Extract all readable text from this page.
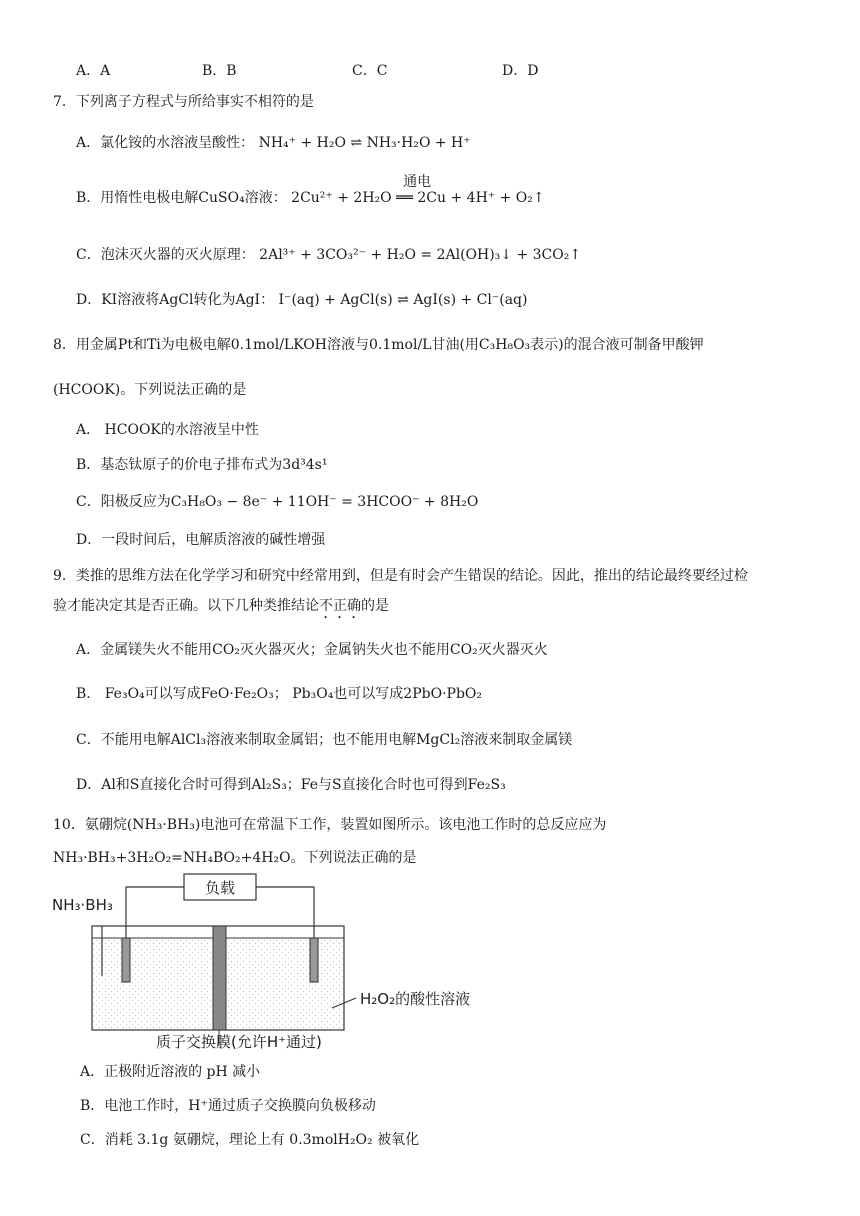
A．A	B．B	C．C	D．D
7．下列离子方程式与所给事实不相符的是
A．氯化铵的水溶液呈酸性： NH₄⁺ + H₂O ⇌ NH₃·H₂O + H⁺
B．用惰性电极电解CuSO₄溶液：
通电
2Cu²⁺ + 2H₂O ══ 2Cu + 4H⁺ + O₂↑
C．泡沫灭火器的灭火原理： 2Al³⁺ + 3CO₃²⁻ + H₂O = 2Al(OH)₃↓ + 3CO₂↑
D．KI溶液将AgCl转化为AgI： I⁻(aq) + AgCl(s) ⇌ AgI(s) + Cl⁻(aq)
8．用金属Pt和Ti为电极电解0.1mol/LKOH溶液与0.1mol/L甘油(用C₃H₈O₃表示)的混合液可制备甲酸钾
(HCOOK)。下列说法正确的是
A． HCOOK的水溶液呈中性
B．基态钛原子的价电子排布式为3d³4s¹
C．阳极反应为C₃H₈O₃ − 8e⁻ + 11OH⁻ = 3HCOO⁻ + 8H₂O
D．一段时间后，电解质溶液的碱性增强
9．类推的思维方法在化学学习和研究中经常用到，但是有时会产生错误的结论。因此，推出的结论最终要经过检
验才能决定其是否正确。以下几种类推结论不正确的是
A．金属镁失火不能用CO₂灭火器灭火；金属钠失火也不能用CO₂灭火器灭火
B． Fe₃O₄可以写成FeO·Fe₂O₃； Pb₃O₄也可以写成2PbO·PbO₂
C．不能用电解AlCl₃溶液来制取金属铝；也不能用电解MgCl₂溶液来制取金属镁
D．Al和S直接化合时可得到Al₂S₃；Fe与S直接化合时也可得到Fe₂S₃
10．氨硼烷(NH₃·BH₃)电池可在常温下工作，装置如图所示。该电池工作时的总反应应为
NH₃·BH₃+3H₂O₂=NH₄BO₂+4H₂O。下列说法正确的是
负载
NH₃·BH₃
H₂O₂的酸性溶液
质子交换膜(允许H⁺通过)
A．正极附近溶液的 pH 减小
B．电池工作时，H⁺通过质子交换膜向负极移动
C．消耗 3.1g 氨硼烷，理论上有 0.3molH₂O₂ 被氧化
